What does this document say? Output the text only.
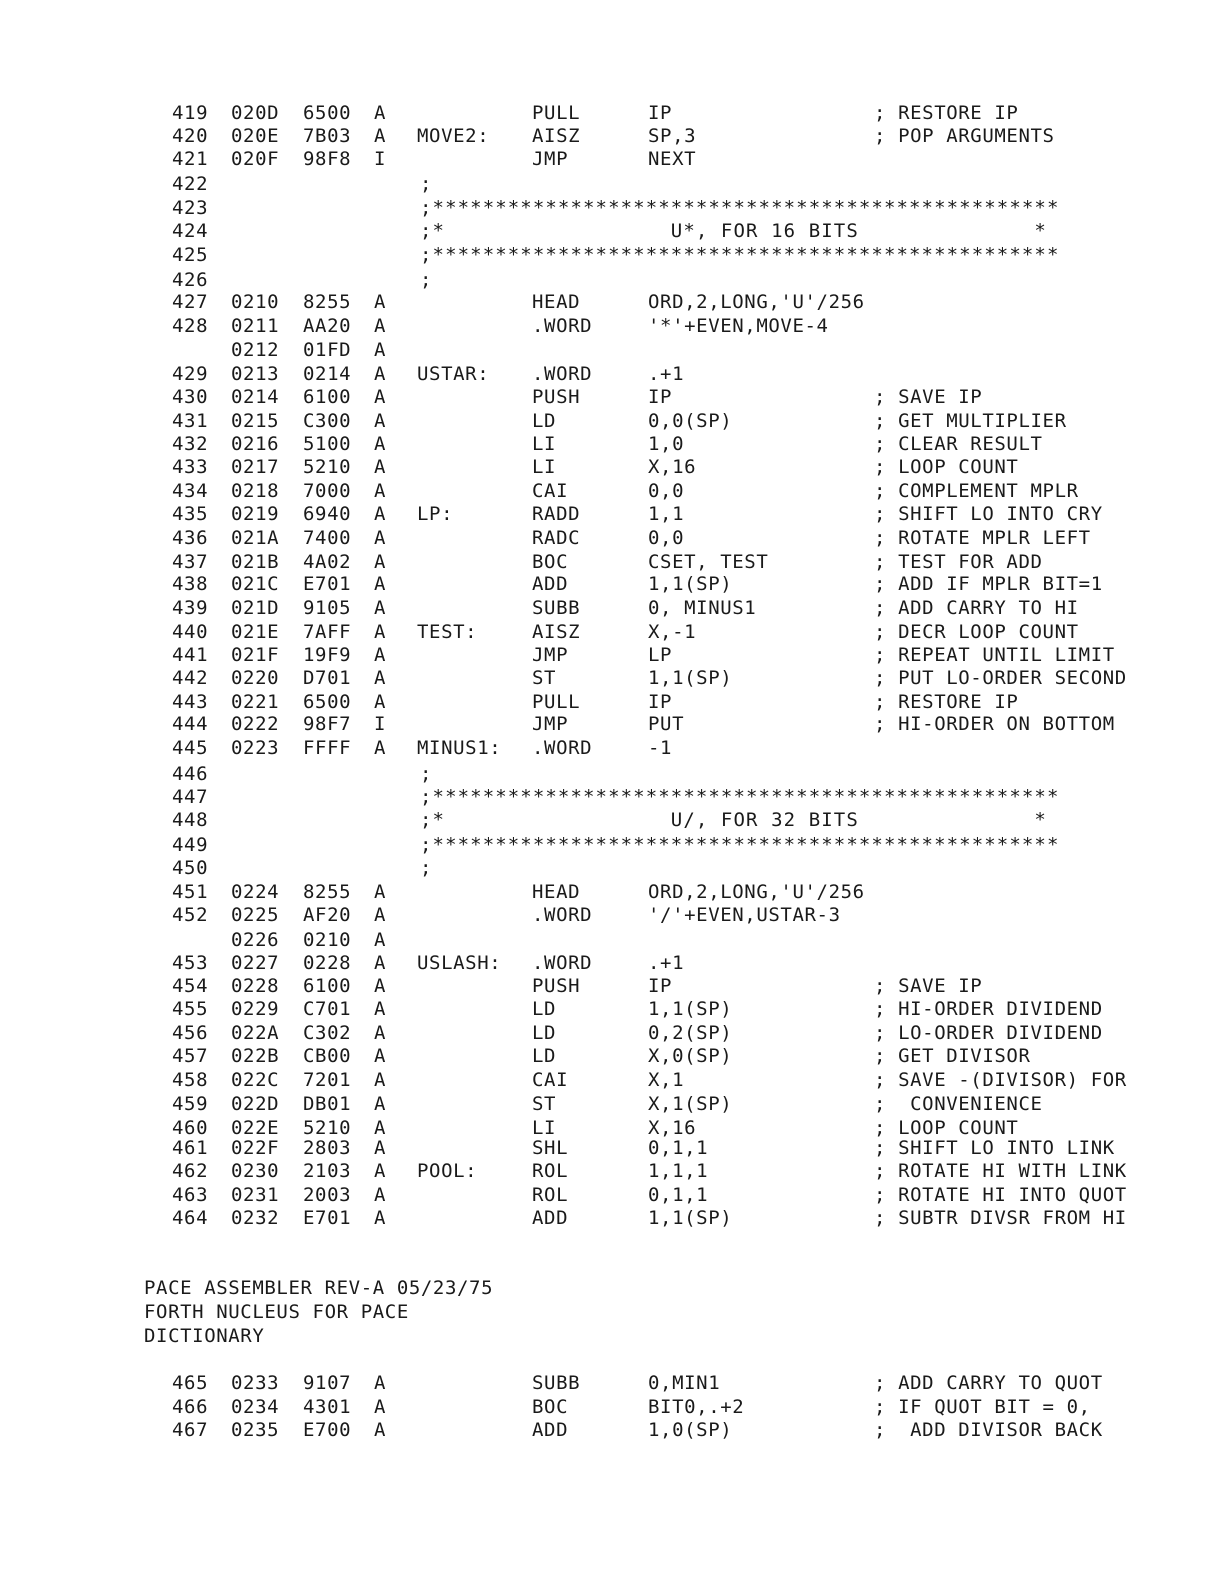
419 020D 6500 A	PULL	IP	; RESTORE IP
420 020E 7B03 A MOVE2: AISZ	SP,3	; POP ARGUMENTS
421 020F 98F8 I	JMP	NEXT
422	;
423	;**************************************************
424	;*                  U*, FOR 16 BITS              *
425	;**************************************************
426	;
427 0210 8255 A	HEAD	ORD,2,LONG,'U'/256
428 0211 AA20 A	.WORD	'*'+EVEN,MOVE-4
0212 01FD A
429 0213 0214 A USTAR: .WORD	.+1
430 0214 6100 A	PUSH	IP	; SAVE IP
431 0215 C300 A	LD	0,0(SP)	; GET MULTIPLIER
432 0216 5100 A	LI	1,0	; CLEAR RESULT
433 0217 5210 A	LI	X,16	; LOOP COUNT
434 0218 7000 A	CAI	0,0	; COMPLEMENT MPLR
435 0219 6940 A LP:	RADD	1,1	; SHIFT LO INTO CRY
436 021A 7400 A	RADC	0,0	; ROTATE MPLR LEFT
437 021B 4A02 A	BOC	CSET, TEST	; TEST FOR ADD
438 021C E701 A	ADD	1,1(SP)	; ADD IF MPLR BIT=1
439 021D 9105 A	SUBB	0, MINUS1	; ADD CARRY TO HI
440 021E 7AFF A TEST:	AISZ	X,-1	; DECR LOOP COUNT
441 021F 19F9 A	JMP	LP	; REPEAT UNTIL LIMIT
442 0220 D701 A	ST	1,1(SP)	; PUT LO-ORDER SECOND
443 0221 6500 A	PULL	IP	; RESTORE IP
444 0222 98F7 I	JMP	PUT	; HI-ORDER ON BOTTOM
445 0223 FFFF A MINUS1: .WORD	-1
446	;
447	;**************************************************
448	;*                  U/, FOR 32 BITS              *
449	;**************************************************
450	;
451 0224 8255 A	HEAD	ORD,2,LONG,'U'/256
452 0225 AF20 A	.WORD	'/'+EVEN,USTAR-3
0226 0210 A
453 0227 0228 A USLASH: .WORD	.+1
454 0228 6100 A	PUSH	IP	; SAVE IP
455 0229 C701 A	LD	1,1(SP)	; HI-ORDER DIVIDEND
456 022A C302 A	LD	0,2(SP)	; LO-ORDER DIVIDEND
457 022B CB00 A	LD	X,0(SP)	; GET DIVISOR
458 022C 7201 A	CAI	X,1	; SAVE -(DIVISOR) FOR
459 022D DB01 A	ST	X,1(SP)	;  CONVENIENCE
460 022E 5210 A	LI	X,16	; LOOP COUNT
461 022F 2803 A	SHL	0,1,1	; SHIFT LO INTO LINK
462 0230 2103 A POOL:	ROL	1,1,1	; ROTATE HI WITH LINK
463 0231 2003 A	ROL	0,1,1	; ROTATE HI INTO QUOT
464 0232 E701 A	ADD	1,1(SP)	; SUBTR DIVSR FROM HI
PACE ASSEMBLER REV-A 05/23/75
FORTH NUCLEUS FOR PACE
DICTIONARY
465 0233 9107 A	SUBB	0,MIN1	; ADD CARRY TO QUOT
466 0234 4301 A	BOC	BIT0,.+2	; IF QUOT BIT = 0,
467 0235 E700 A	ADD	1,0(SP)	;  ADD DIVISOR BACK
